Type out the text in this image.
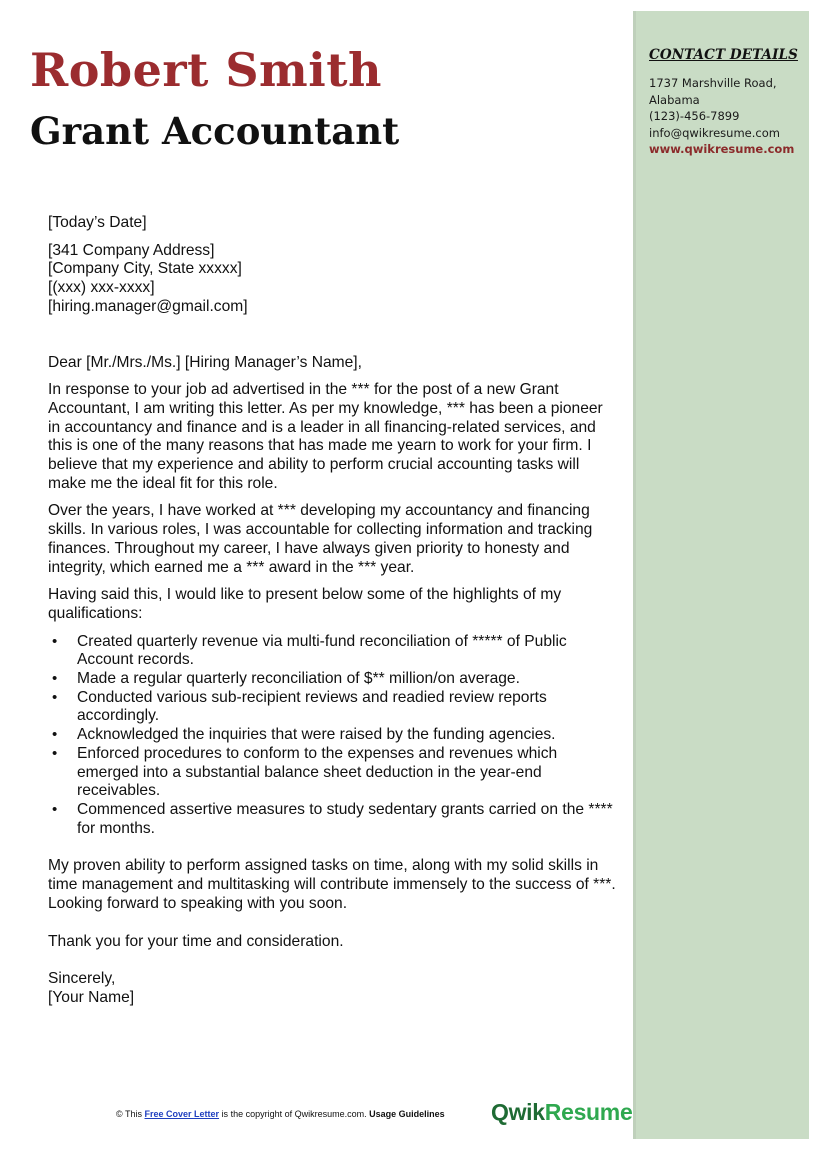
CONTACT DETAILS
1737 Marshville Road,
Alabama
(123)-456-7899
info@qwikresume.com
www.qwikresume.com
Robert Smith
Grant Accountant

[Today’s Date]

[341 Company Address]

[Company City, State xxxxx]

[(xxx) xxx-xxxx]

[hiring.manager@gmail.com]

Dear [Mr./Mrs./Ms.] [Hiring Manager’s Name],

In response to your job ad advertised in the *** for the post of a new Grant Accountant, I am writing this letter. As per my knowledge, *** has been a pioneer in accountancy and finance and is a leader in all financing-related services, and this is one of the many reasons that has made me yearn to work for your firm. I believe that my experience and ability to perform crucial accounting tasks will make me the ideal fit for this role.

Over the years, I have worked at *** developing my accountancy and financing skills. In various roles, I was accountable for collecting information and tracking finances. Throughout my career, I have always given priority to honesty and integrity, which earned me a *** award in the *** year.

Having said this, I would like to present below some of the highlights of my qualifications:

• Created quarterly revenue via multi-fund reconciliation of ***** of Public Account records.
• Made a regular quarterly reconciliation of $** million/on average.
• Conducted various sub-recipient reviews and readied review reports accordingly.
• Acknowledged the inquiries that were raised by the funding agencies.
• Enforced procedures to conform to the expenses and revenues which emerged into a substantial balance sheet deduction in the year-end receivables.
• Commenced assertive measures to study sedentary grants carried on the **** for months.

My proven ability to perform assigned tasks on time, along with my solid skills in time management and multitasking will contribute immensely to the success of ***. Looking forward to speaking with you soon.

Thank you for your time and consideration.

Sincerely,

[Your Name]

© This Free Cover Letter is the copyright of Qwikresume.com. Usage Guidelines QwikResume
